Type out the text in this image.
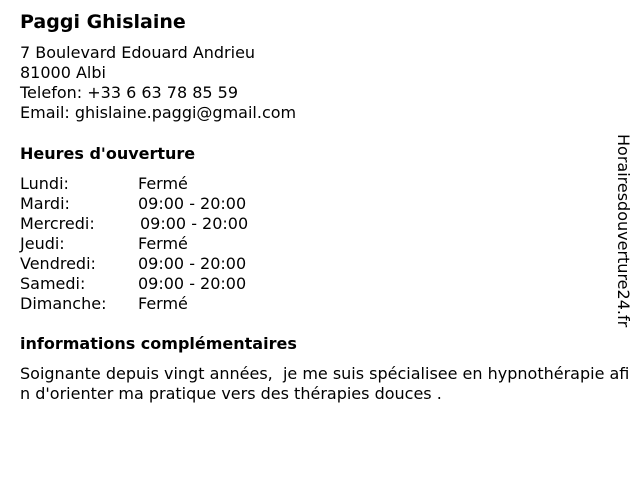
Paggi Ghislaine
7 Boulevard Edouard Andrieu
81000 Albi
Telefon: +33 6 63 78 85 59
Email: ghislaine.paggi@gmail.com
Heures d'ouverture
Lundi:	Fermé
Mardi:	09:00 - 20:00
Mercredi:	09:00 - 20:00
Jeudi:	Fermé
Vendredi:	09:00 - 20:00
Samedi:	09:00 - 20:00
Dimanche: Fermé
informations complémentaires

Soignante depuis vingt années,  je me suis spécialisee en hypnothérapie afin d'orienter ma pratique vers des thérapies douces .

Horairesdouverture24.fr
